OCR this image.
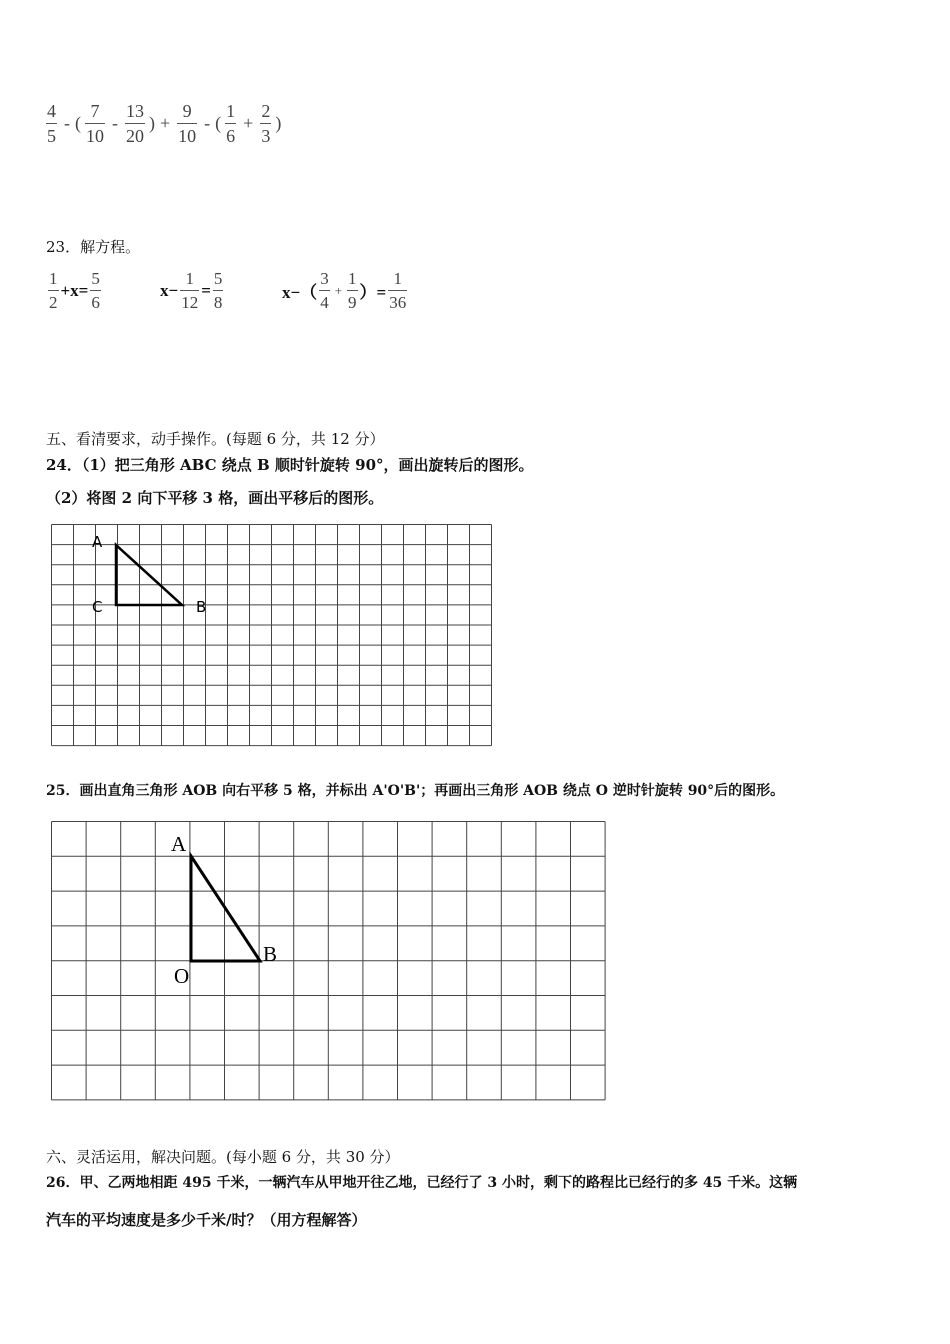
$\frac{4}{5}$ - ( $\frac{7}{10} - \frac{13}{20}$ ) + $\frac{9}{10}$ - ( $\frac{1}{6} + \frac{2}{3}$ )
23．解方程。
$\frac{1}{2} +x= \frac{5}{6}$	$x- \frac{1}{12} = \frac{5}{8}$	$x-( \frac{3}{4} + \frac{1}{9}$ ）= $\frac{1}{36}$
五、看清要求，动手操作。(每题 6 分，共 12 分）
24．（1）把三角形 ABC 绕点 B 顺时针旋转 90°，画出旋转后的图形。
（2）将图 2 向下平移 3 格，画出平移后的图形。
A
C	B
25．画出直角三角形 AOB 向右平移 5 格，并标出 A'O'B'；再画出三角形 AOB 绕点 O 逆时针旋转 90°后的图形。
A
O
B
六、灵活运用，解决问题。(每小题 6 分，共 30 分）
26．甲、乙两地相距 495 千米，一辆汽车从甲地开往乙地，已经行了 3 小时，剩下的路程比已经行的多 45 千米。这辆
汽车的平均速度是多少千米/时？（用方程解答）
